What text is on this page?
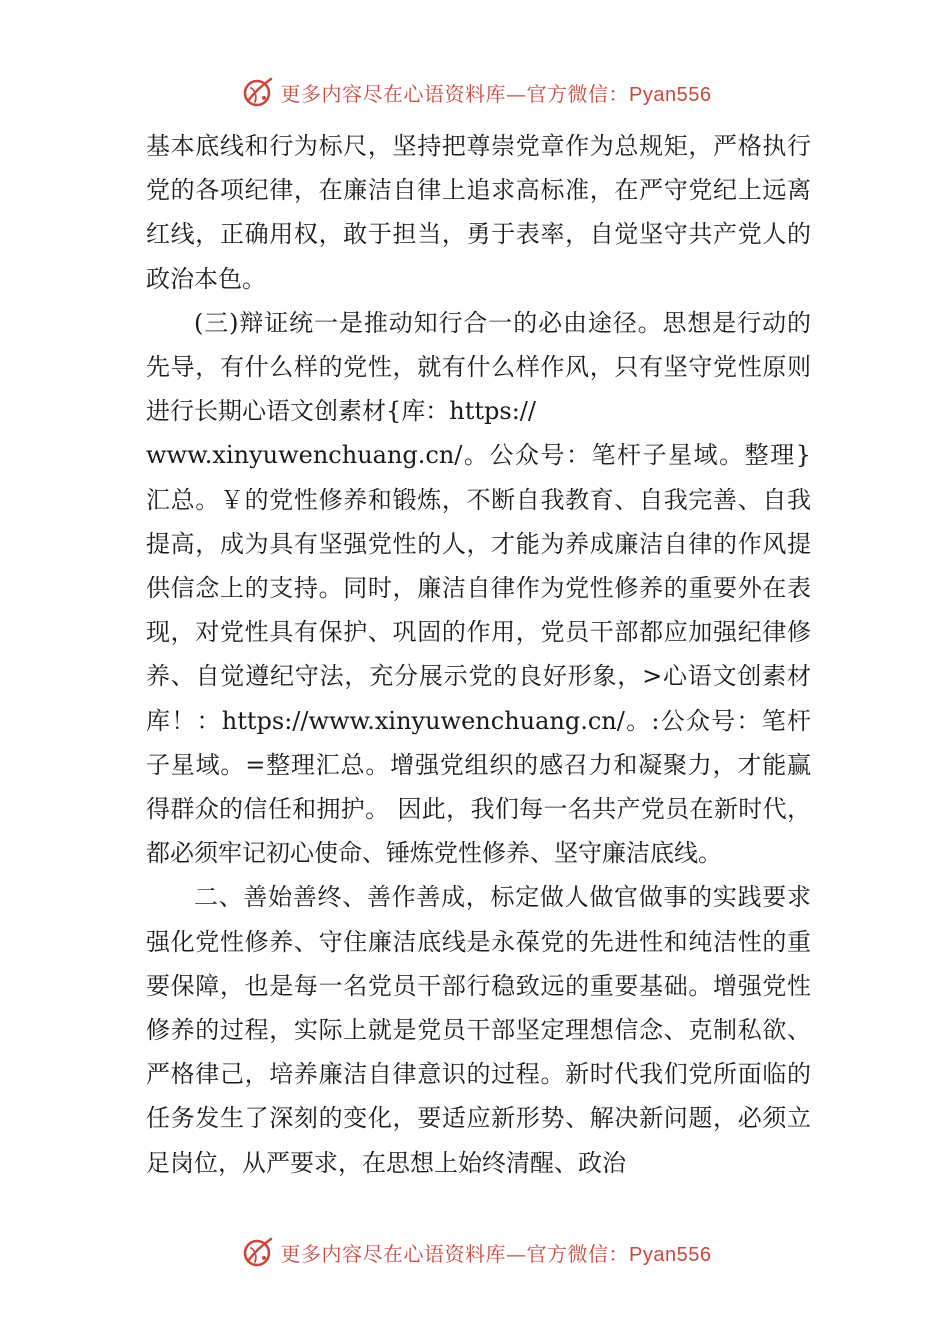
更多内容尽在心语资料库—官方微信：Pyan556

基本底线和行为标尺，坚持把尊崇党章作为总规矩，严格执行党的各项纪律，在廉洁自律上追求高标准，在严守党纪上远离红线，正确用权，敢于担当，勇于表率，自觉坚守共产党人的政治本色。

(三)辩证统一是推动知行合一的必由途径。思想是行动的先导，有什么样的党性，就有什么样作风，只有坚守党性原则进行长期心语文创素材{库：https://

www.xinyuwenchuang.cn/。公众号：笔杆子星域。整理}汇总。￥的党性修养和锻炼，不断自我教育、自我完善、自我提高，成为具有坚强党性的人，才能为养成廉洁自律的作风提供信念上的支持。同时，廉洁自律作为党性修养的重要外在表现，对党性具有保护、巩固的作用，党员干部都应加强纪律修养、自觉遵纪守法，充分展示党的良好形象，>心语文创素材库！：https://www.xinyuwenchuang.cn/。:公众号：笔杆子星域。=整理汇总。增强党组织的感召力和凝聚力，才能赢得群众的信任和拥护。 因此，我们每一名共产党员在新时代，都必须牢记初心使命、锤炼党性修养、坚守廉洁底线。

二、善始善终、善作善成，标定做人做官做事的实践要求强化党性修养、守住廉洁底线是永葆党的先进性和纯洁性的重要保障，也是每一名党员干部行稳致远的重要基础。增强党性修养的过程，实际上就是党员干部坚定理想信念、克制私欲、严格律己，培养廉洁自律意识的过程。新时代我们党所面临的任务发生了深刻的变化，要适应新形势、解决新问题，必须立足岗位，从严要求，在思想上始终清醒、政治

更多内容尽在心语资料库—官方微信：Pyan556
